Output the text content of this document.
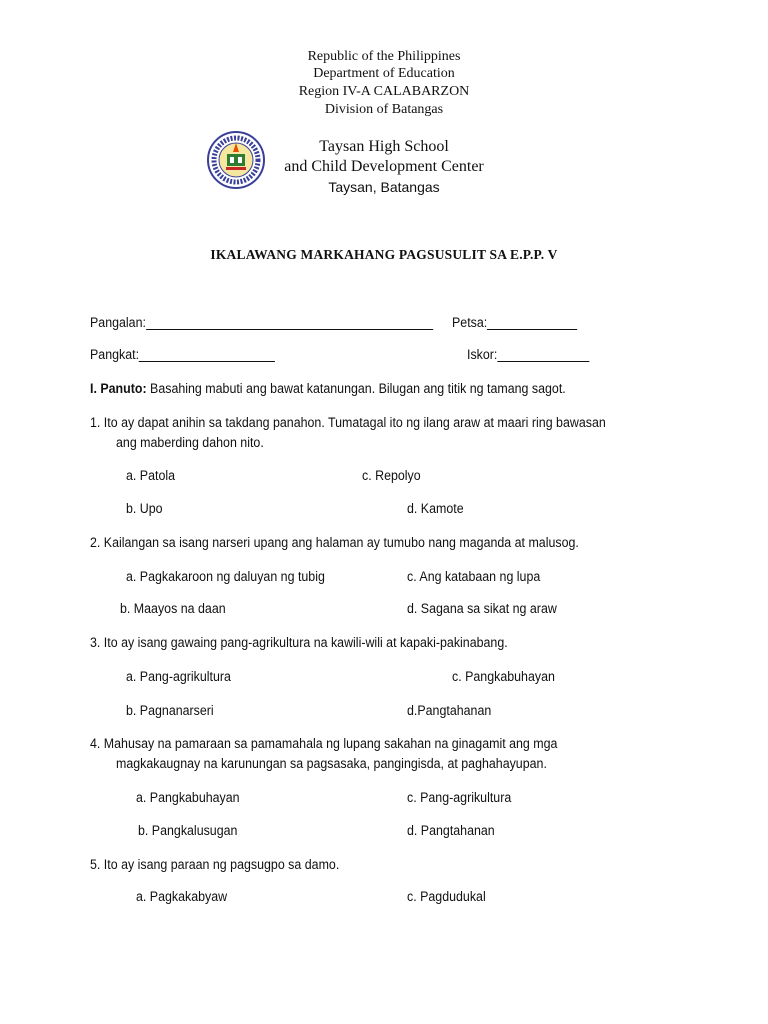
Republic of the Philippines
Department of Education
Region IV-A CALABARZON
Division of Batangas
Taysan High School
and Child Development Center
Taysan, Batangas
IKALAWANG MARKAHANG PAGSUSULIT SA E.P.P. V
Pangalan:	Petsa:
Pangkat:	Iskor:
I. Panuto: Basahing mabuti ang bawat katanungan. Bilugan ang titik ng tamang sagot.
1. Ito ay dapat anihin sa takdang panahon. Tumatagal ito ng ilang araw at maari ring bawasan
ang maberding dahon nito.
a. Patola	c. Repolyo
b. Upo	d. Kamote
2. Kailangan sa isang narseri upang ang halaman ay tumubo nang maganda at malusog.
a. Pagkakaroon ng daluyan ng tubig	c. Ang katabaan ng lupa
b. Maayos na daan	d. Sagana sa sikat ng araw
3. Ito ay isang gawaing pang-agrikultura na kawili-wili at kapaki-pakinabang.
a. Pang-agrikultura	c. Pangkabuhayan
b. Pagnanarseri	d.Pangtahanan
4. Mahusay na pamaraan sa pamamahala ng lupang sakahan na ginagamit ang mga
magkakaugnay na karunungan sa pagsasaka, pangingisda, at paghahayupan.
a. Pangkabuhayan	c. Pang-agrikultura
b. Pangkalusugan	d. Pangtahanan
5. Ito ay isang paraan ng pagsugpo sa damo.
a. Pagkakabyaw	c. Pagdudukal
